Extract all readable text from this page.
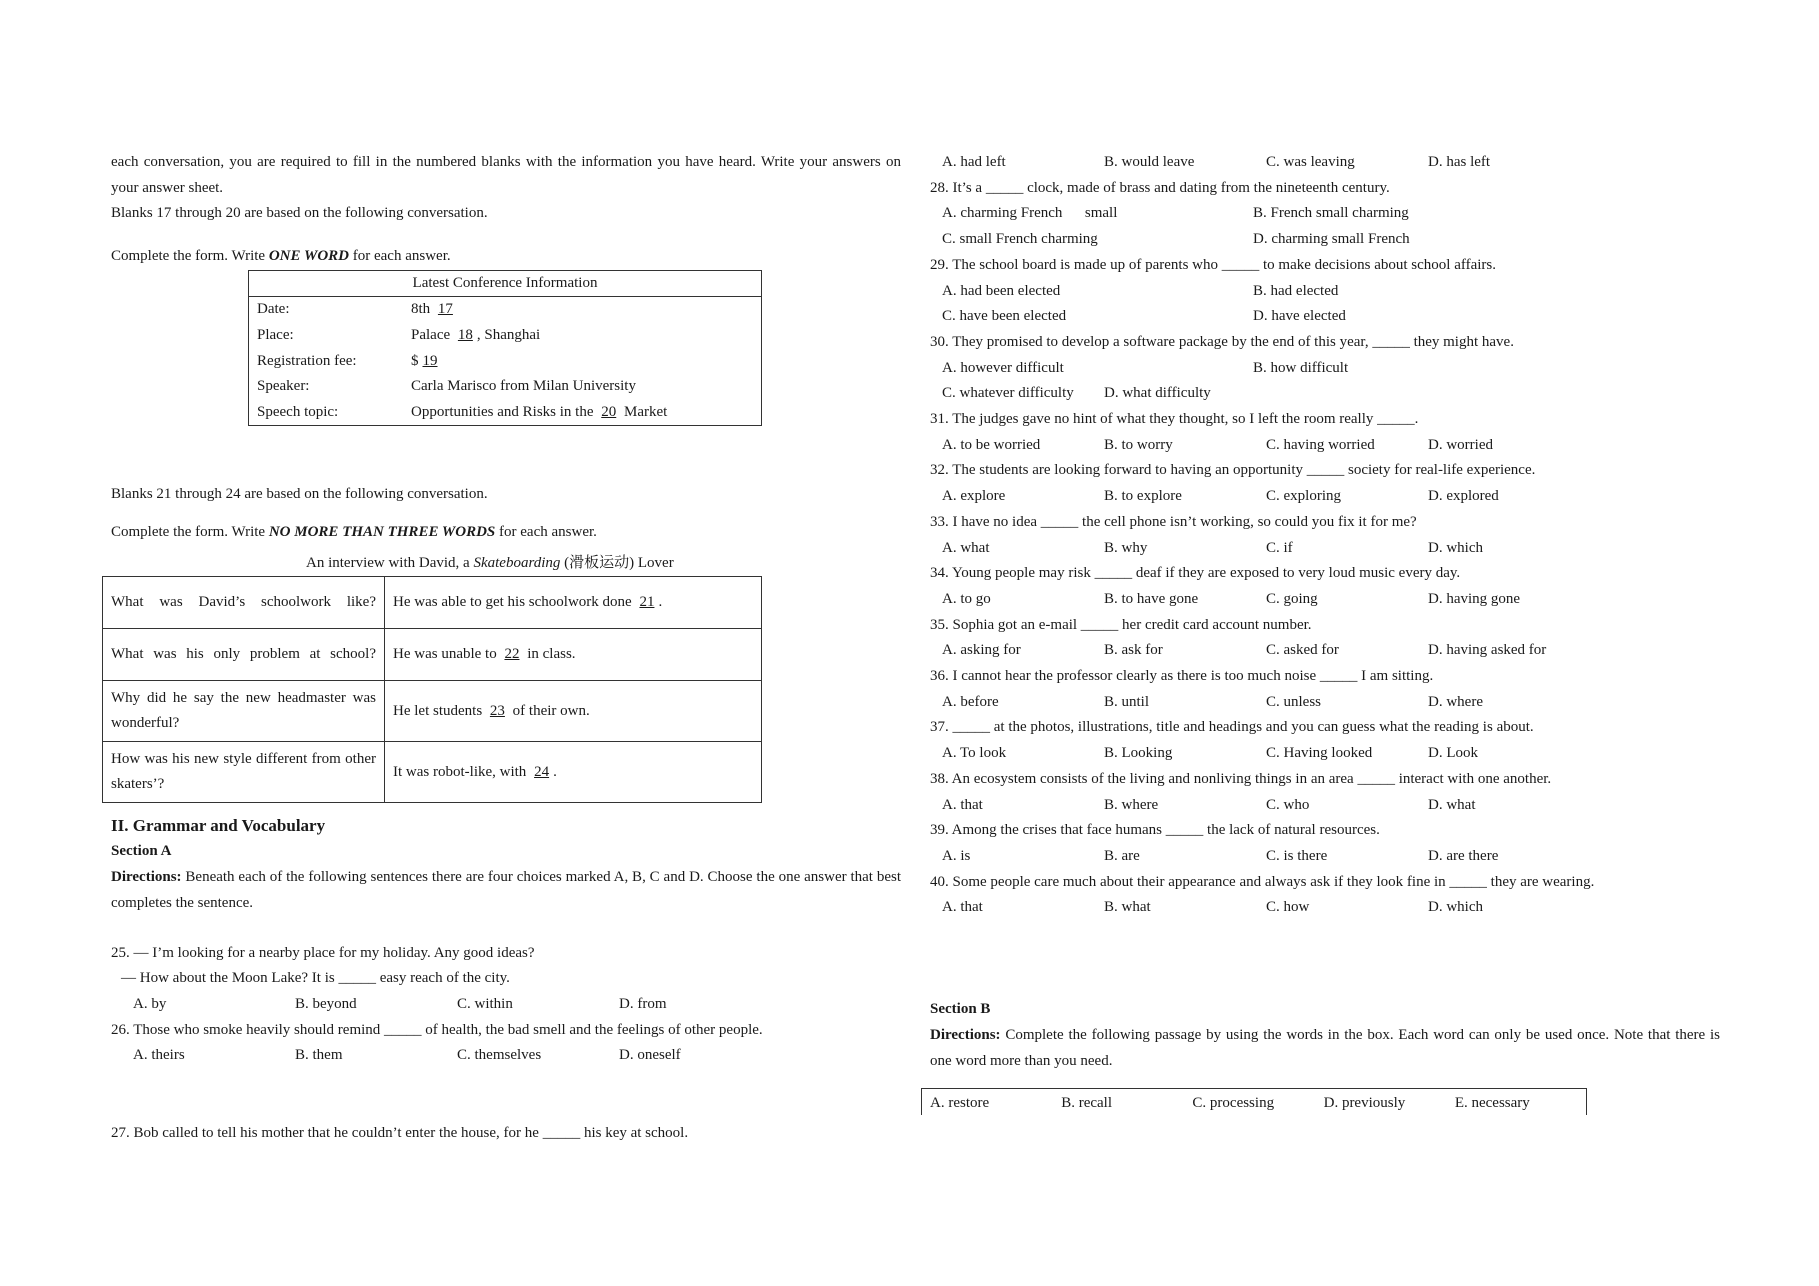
each conversation, you are required to fill in the numbered blanks with the information you have heard. Write your answers on your answer sheet.

Blanks 17 through 20 are based on the following conversation.

Complete the form. Write ONE WORD for each answer.

Latest Conference Information	
Date:	8th 17
Place:	Palace 18 , Shanghai
Registration fee:	$ 19
Speaker:	Carla Marisco from Milan University
Speech topic:	Opportunities and Risks in the 20 Market

Blanks 21 through 24 are based on the following conversation.

Complete the form. Write NO MORE THAN THREE WORDS for each answer.

An interview with David, a Skateboarding (滑板运动) Lover

What was David’s schoolwork like?	He was able to get his schoolwork done 21 .
What was his only problem at school?	He was unable to 22 in class.
Why did he say the new headmaster was wonderful?	He let students 23 of their own.
How was his new style different from other skaters’?	It was robot-like, with 24 .
II. Grammar and Vocabulary

Section A

Directions: Beneath each of the following sentences there are four choices marked A, B, C and D. Choose the one answer that best completes the sentence.

25. — I’m looking for a nearby place for my holiday. Any good ideas?

— How about the Moon Lake? It is _____ easy reach of the city.

A. by	B. beyond	C. within	D. from

26. Those who smoke heavily should remind _____ of health, the bad smell and the feelings of other people.

A. theirs	B. them	C. themselves	D. oneself

27. Bob called to tell his mother that he couldn’t enter the house, for he _____ his key at school.

A. had left	B. would leave	C. was leaving	D. has left

28. It’s a _____ clock, made of brass and dating from the nineteenth century.

A. charming French      small	B. French small charming
C. small French charming	D. charming small French

29. The school board is made up of parents who _____ to make decisions about school affairs.

A. had been elected	B. had elected
C. have been elected	D. have elected

30. They promised to develop a software package by the end of this year, _____ they might have.

A. however difficult	B. how difficult
C. whatever difficulty	D. what difficulty

31. The judges gave no hint of what they thought, so I left the room really _____.

A. to be worried	B. to worry	C. having worried	D. worried

32. The students are looking forward to having an opportunity _____ society for real-life experience.

A. explore	B. to explore	C. exploring	D. explored

33. I have no idea _____ the cell phone isn’t working, so could you fix it for me?

A. what	B. why	C. if	D. which

34. Young people may risk _____ deaf if they are exposed to very loud music every day.

A. to go	B. to have gone	C. going	D. having gone

35. Sophia got an e-mail _____ her credit card account number.

A. asking for	B. ask for	C. asked for	D. having asked for

36. I cannot hear the professor clearly as there is too much noise _____ I am sitting.

A. before	B. until	C. unless	D. where

37. _____ at the photos, illustrations, title and headings and you can guess what the reading is about.

A. To look	B. Looking	C. Having looked	D. Look

38. An ecosystem consists of the living and nonliving things in an area _____ interact with one another.

A. that	B. where	C. who	D. what

39. Among the crises that face humans _____ the lack of natural resources.

A. is	B. are	C. is there	D. are there

40. Some people care much about their appearance and always ask if they look fine in _____ they are wearing.

A. that	B. what	C. how	D. which

Section B

Directions: Complete the following passage by using the words in the box. Each word can only be used once. Note that there is one word more than you need.

A. restore	B. recall	C. processing	D. previously	E. necessary
